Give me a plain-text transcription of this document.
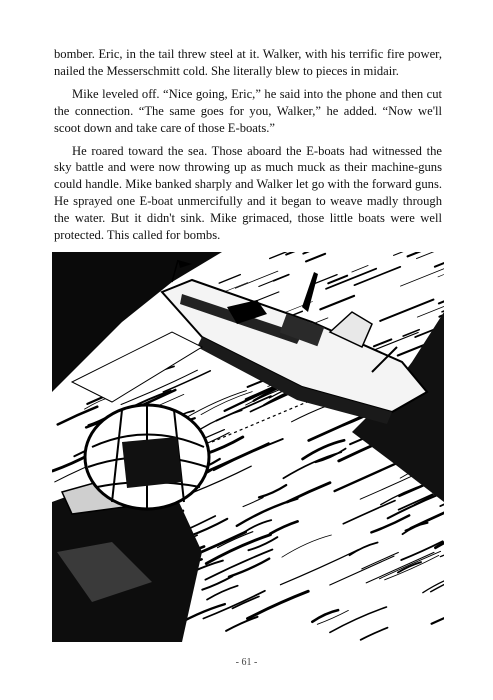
bomber. Eric, in the tail threw steel at it. Walker, with his terrific fire power, nailed the Messerschmitt cold. She literally blew to pieces in midair.

Mike leveled off. “Nice going, Eric,” he said into the phone and then cut the connection. “The same goes for you, Walker,” he added. “Now we'll scoot down and take care of those E-boats.”

He roared toward the sea. Those aboard the E-boats had witnessed the sky battle and were now throwing up as much muck as their machine-guns could handle. Mike banked sharply and Walker let go with the forward guns. He sprayed one E-boat unmercifully and it began to weave madly through the water. But it didn't sink. Mike grimaced, those little boats were well protected. This called for bombs.

- 61 -
